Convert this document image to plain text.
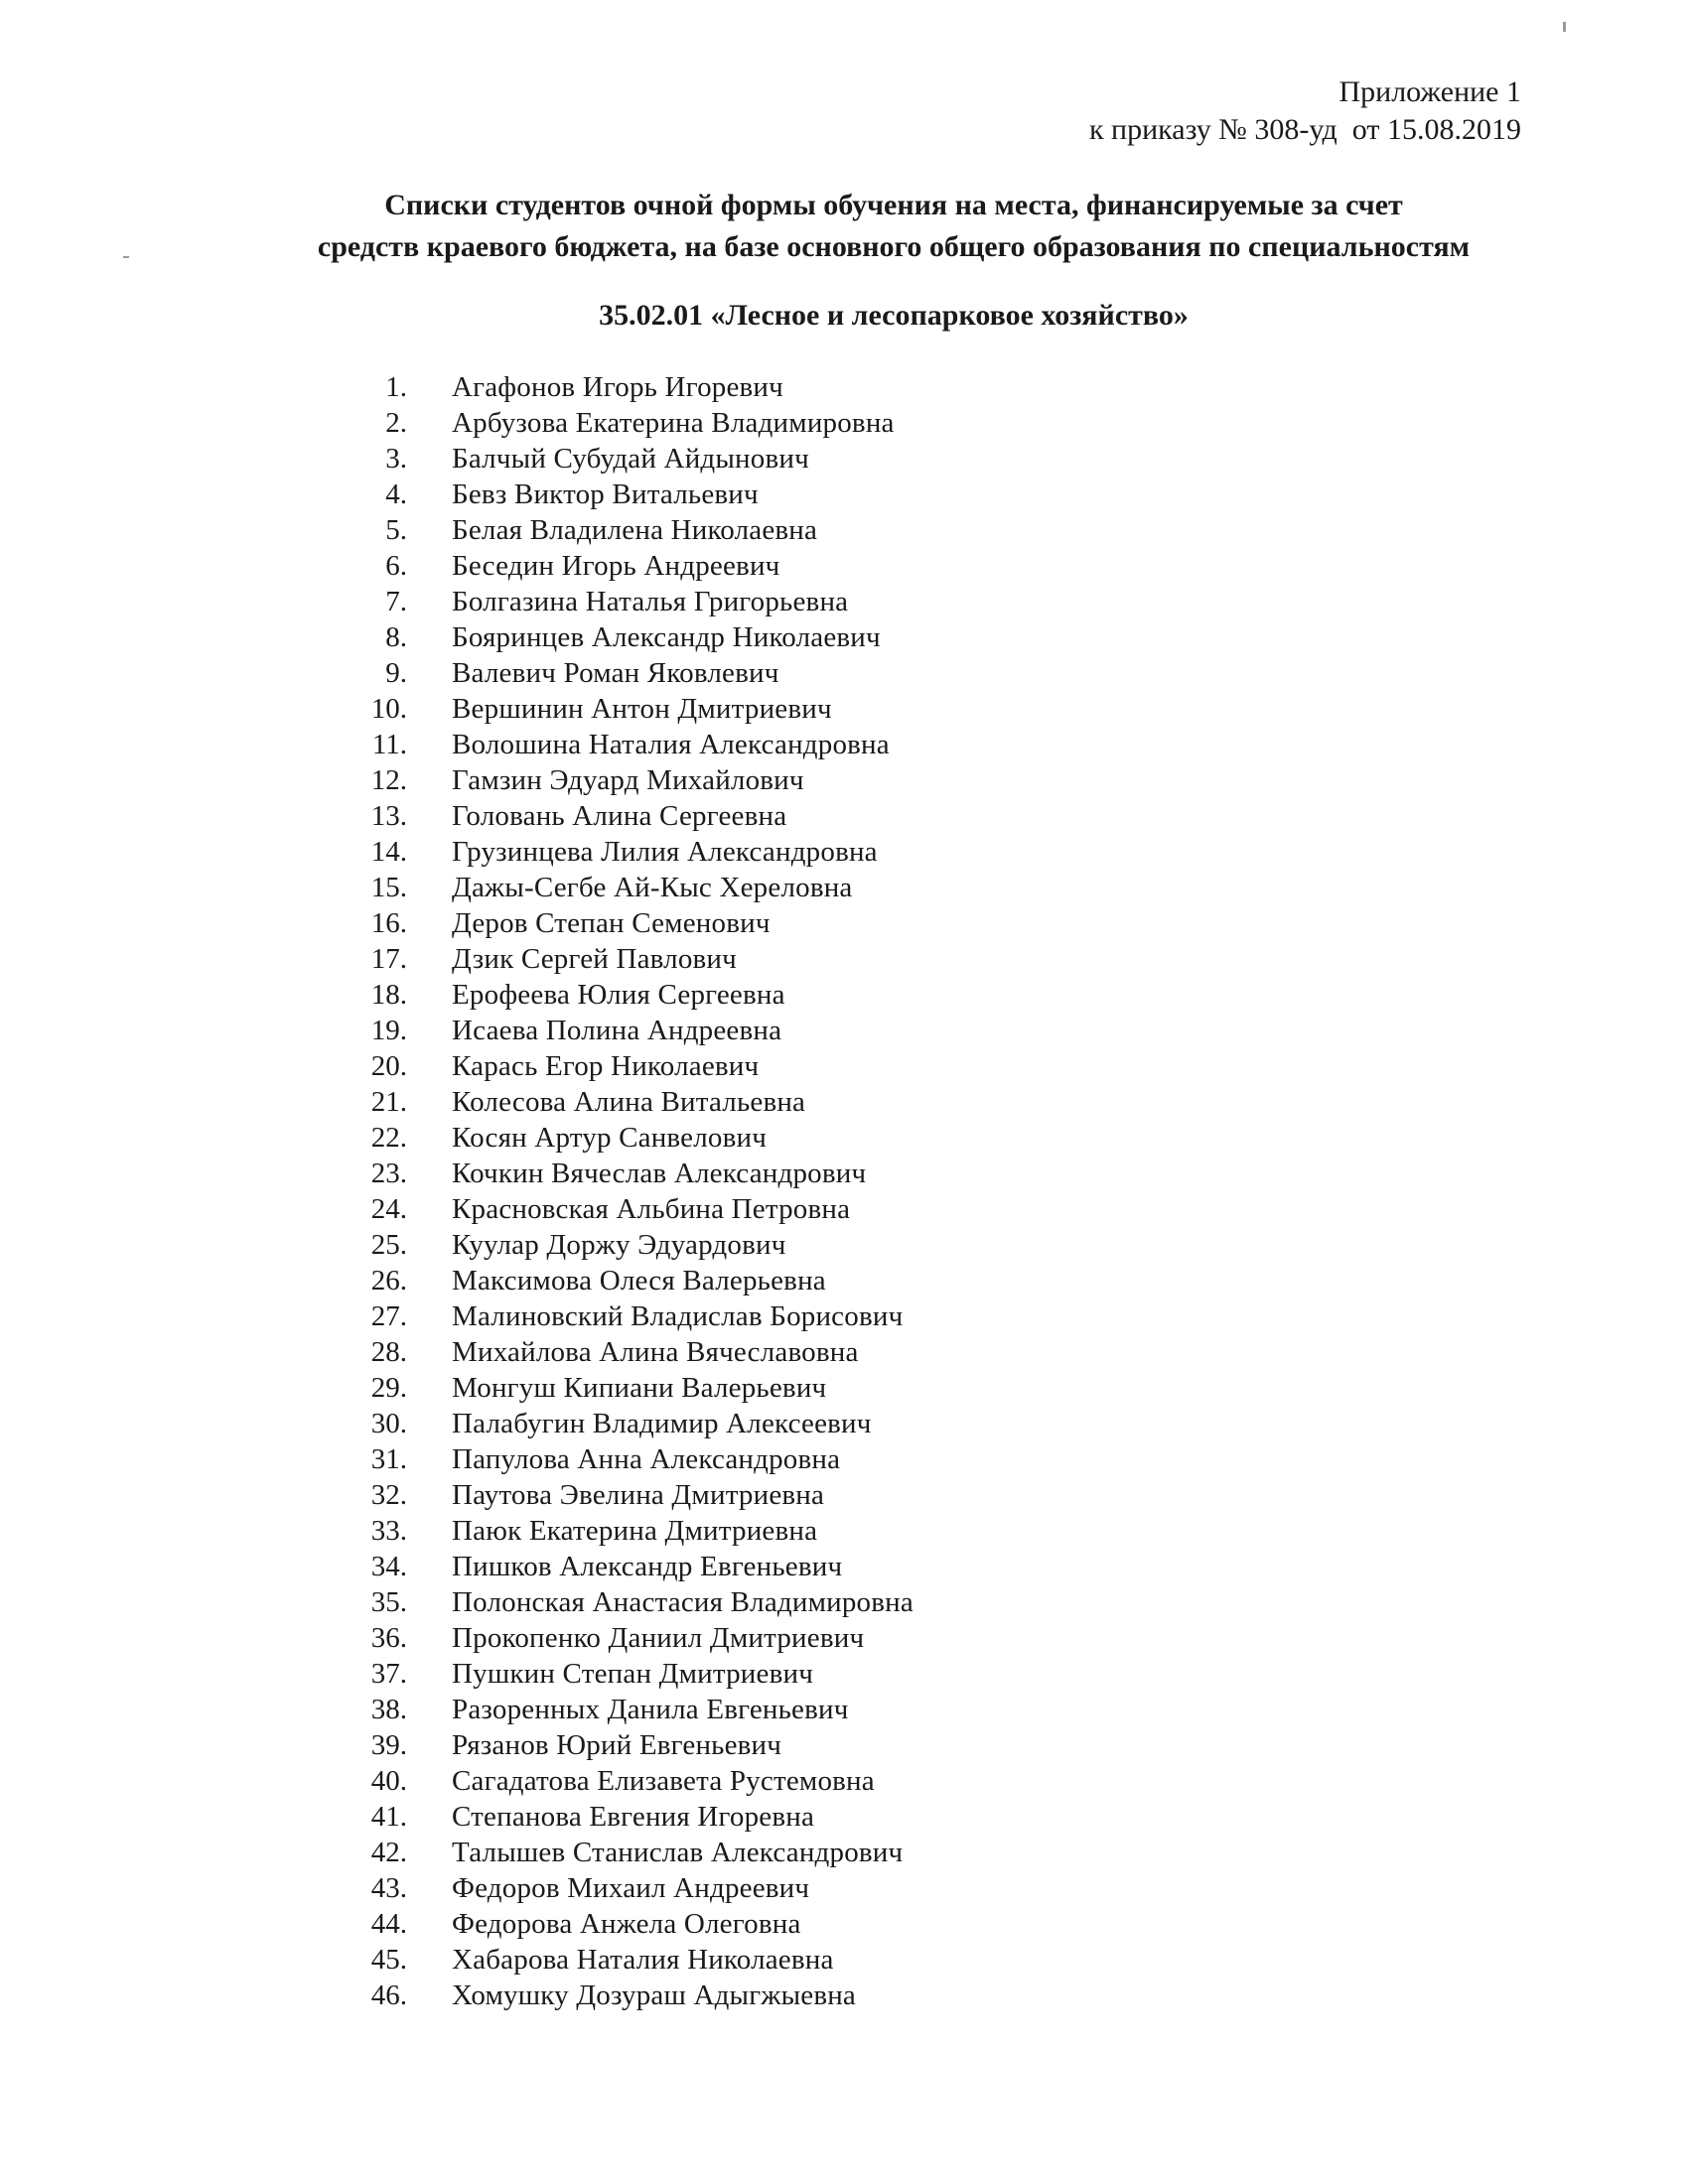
Приложение 1
к приказу № 308-уд  от 15.08.2019
Списки студентов очной формы обучения на места, финансируемые за счет
средств краевого бюджета, на базе основного общего образования по специальностям
35.02.01 «Лесное и лесопарковое хозяйство»
1.	Агафонов Игорь Игоревич
2.	Арбузова Екатерина Владимировна
3.	Балчый Субудай Айдынович
4.	Бевз Виктор Витальевич
5.	Белая Владилена Николаевна
6.	Беседин Игорь Андреевич
7.	Болгазина Наталья Григорьевна
8.	Бояринцев Александр Николаевич
9.	Валевич Роман Яковлевич
10.	Вершинин Антон Дмитриевич
11.	Волошина Наталия Александровна
12.	Гамзин Эдуард Михайлович
13.	Головань Алина Сергеевна
14.	Грузинцева Лилия Александровна
15.	Дажы-Сегбе Ай-Кыс Хереловна
16.	Деров Степан Семенович
17.	Дзик Сергей Павлович
18.	Ерофеева Юлия Сергеевна
19.	Исаева Полина Андреевна
20.	Карась Егор Николаевич
21.	Колесова Алина Витальевна
22.	Косян Артур Санвелович
23.	Кочкин Вячеслав Александрович
24.	Красновская Альбина Петровна
25.	Куулар Доржу Эдуардович
26.	Максимова Олеся Валерьевна
27.	Малиновский Владислав Борисович
28.	Михайлова Алина Вячеславовна
29.	Монгуш Кипиани Валерьевич
30.	Палабугин Владимир Алексеевич
31.	Папулова Анна Александровна
32.	Паутова Эвелина Дмитриевна
33.	Паюк Екатерина Дмитриевна
34.	Пишков Александр Евгеньевич
35.	Полонская Анастасия Владимировна
36.	Прокопенко Даниил Дмитриевич
37.	Пушкин Степан Дмитриевич
38.	Разоренных Данила Евгеньевич
39.	Рязанов Юрий Евгеньевич
40.	Сагадатова Елизавета Рустемовна
41.	Степанова Евгения Игоревна
42.	Талышев Станислав Александрович
43.	Федоров Михаил Андреевич
44.	Федорова Анжела Олеговна
45.	Хабарова Наталия Николаевна
46.	Хомушку Дозураш Адыгжыевна
